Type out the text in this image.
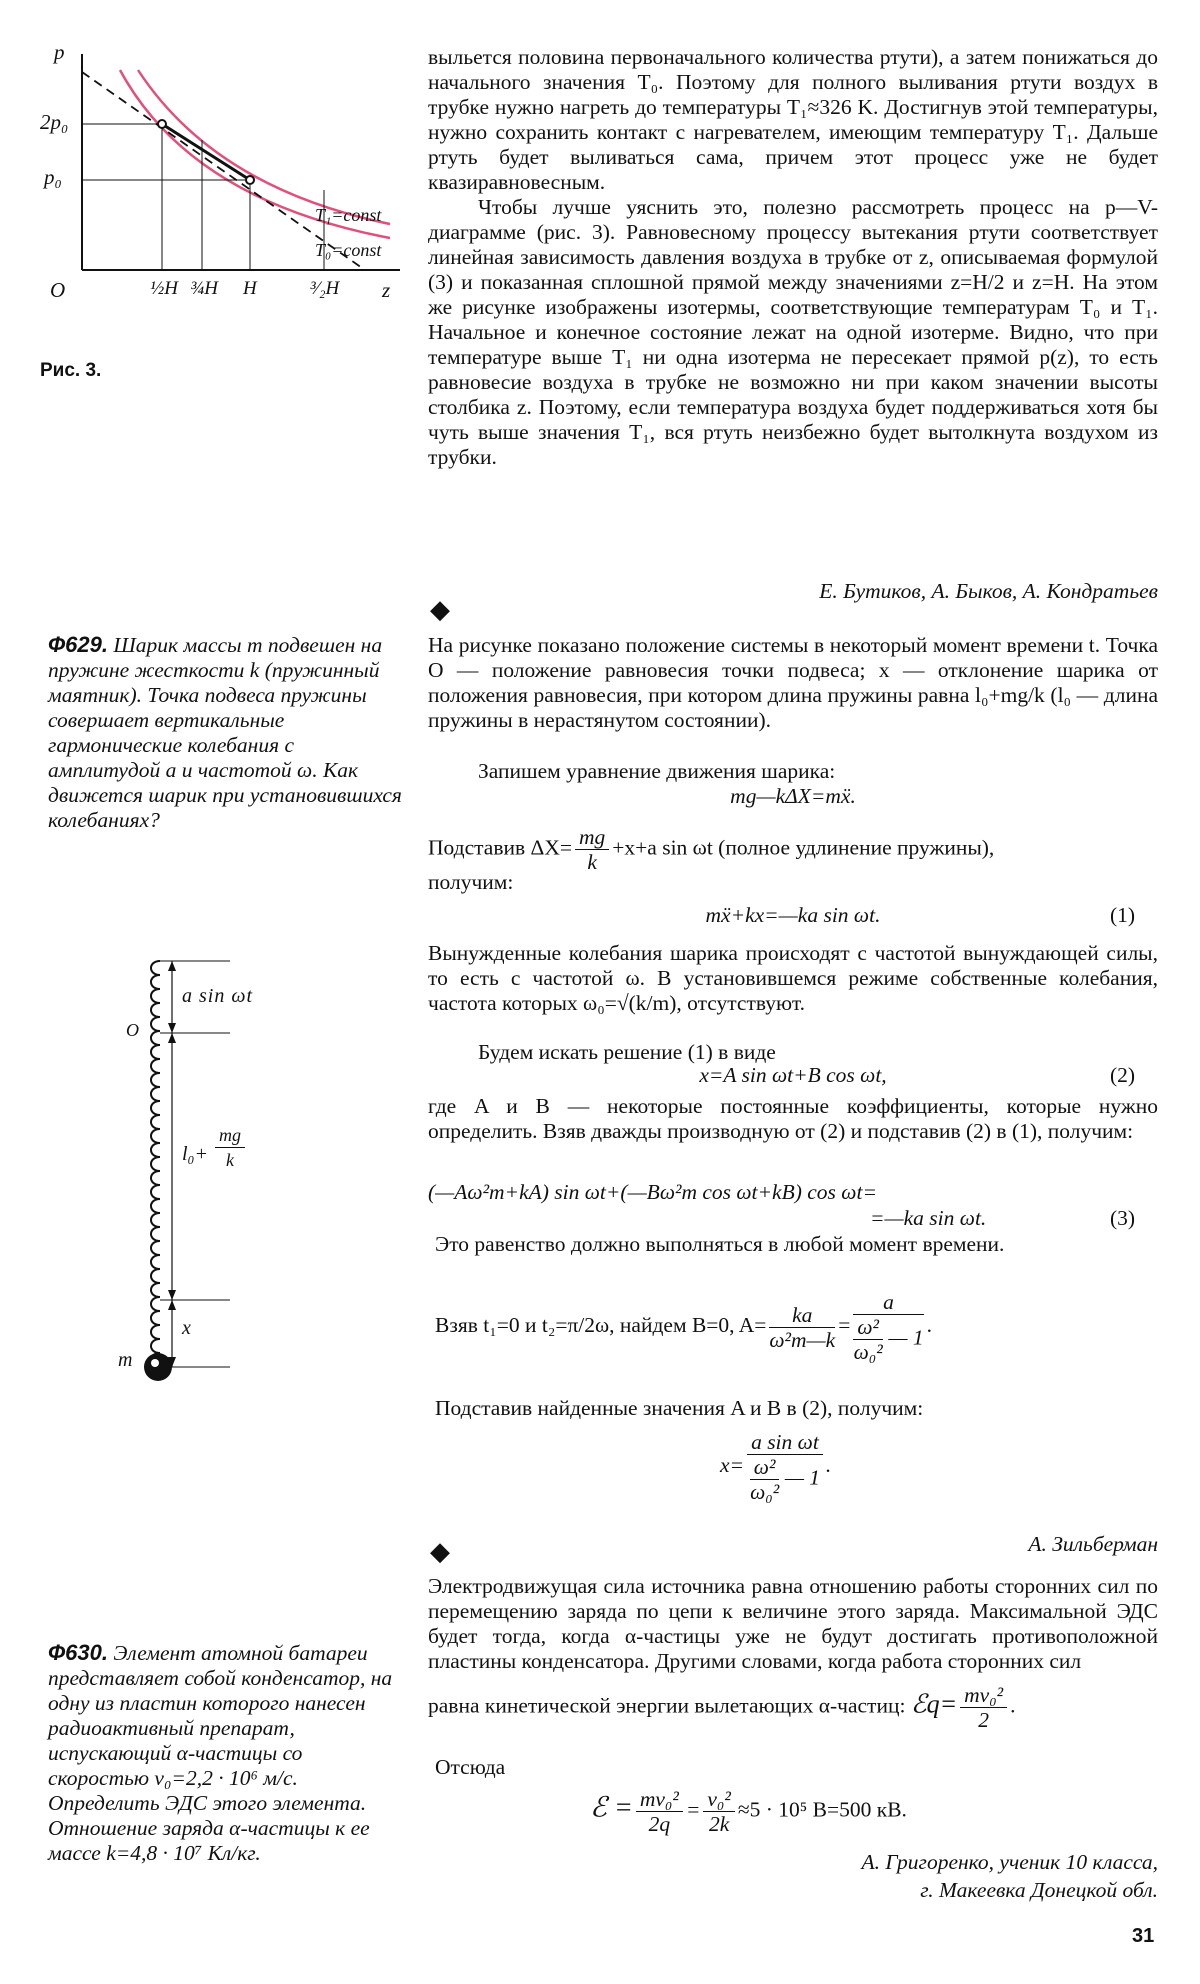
p
2p₀
p₀
O	½H ¾H H	³⁄₂H z
T₁=const
T₀=const
Рис. 3.

выльется половина первоначального количества ртути), а затем понижаться до начального значения T₀. Поэтому для полного выливания ртути воздух в трубке нужно нагреть до температуры T₁≈326 K. Достигнув этой температуры, нужно сохранить контакт с нагревателем, имеющим температуру T₁. Дальше ртуть будет выливаться сама, причем этот процесс уже не будет квазиравновесным.

Чтобы лучше уяснить это, полезно рассмотреть процесс на p—V-диаграмме (рис. 3). Равновесному процессу вытекания ртути соответствует линейная зависимость давления воздуха в трубке от z, описываемая формулой (3) и показанная сплошной прямой между значениями z=H/2 и z=H. На этом же рисунке изображены изотермы, соответствующие температурам T₀ и T₁. Начальное и конечное состояние лежат на одной изотерме. Видно, что при температуре выше T₁ ни одна изотерма не пересекает прямой p(z), то есть равновесие воздуха в трубке не возможно ни при каком значении высоты столбика z. Поэтому, если температура воздуха будет поддерживаться хотя бы чуть выше значения T₁, вся ртуть неизбежно будет вытолкнута воздухом из трубки.

Е. Бутиков, А. Быков, А. Кондратьев
Ф629. Шарик массы m подвешен на пружине жесткости k (пружинный маятник). Точка подвеса пружины совершает вертикальные гармонические колебания с амплитудой a и частотой ω. Как движется шарик при установившихся колебаниях?
a sin ωt
O
$l_0+ \frac{mg}{k}$
x
m
◆
На рисунке показано положение системы в некоторый момент времени t. Точка O — положение равновесия точки подвеса; x — отклонение шарика от положения равновесия, при котором длина пружины равна l₀+mg/k (l₀ — длина пружины в нерастянутом состоянии).
Запишем уравнение движения шарика:
mg—kΔX=mẍ.
Подставив $\Delta X= \frac{mg}{k} +x+a$ sin ωt (полное удлинение пружины),
получим:
mẍ+kx=—ka sin ωt.	(1)
Вынужденные колебания шарика происходят с частотой вынуждающей силы, то есть с частотой ω. В установившемся режиме собственные колебания, частота которых ω₀=√(k/m), отсутствуют.
Будем искать решение (1) в виде
x=A sin ωt+B cos ωt,	(2)
где A и B — некоторые постоянные коэффициенты, которые нужно определить. Взяв дважды производную от (2) и подставив (2) в (1), получим:
(—Aω²m+kA) sin ωt+(—Bω²m cos ωt+kB) cos ωt=
=—ka sin ωt.	(3)
Это равенство должно выполняться в любой момент времени.
Взяв t₁=0 и t₂=π/2ω, найдем B=0, $A= \frac{ka}{\text{ω²m—k}} = \frac{a}{\frac{\text{ω²}}{\text{ω₀²}} — 1}$ .
Подставив найденные значения A и B в (2), получим:
$x= \frac{\text{a sin ωt}}{\frac{\text{ω²}}{\text{ω₀²}} — 1}$ .
А. Зильберман
Ф630. Элемент атомной батареи представляет собой конденсатор, на одну из пластин которого нанесен радиоактивный препарат, испускающий α-частицы со скоростью v₀=2,2 · 10⁶ м/с. Определить ЭДС этого элемента. Отношение заряда α-частицы к ее массе k=4,8 · 10⁷ Кл/кг.
◆
Электродвижущая сила источника равна отношению работы сторонних сил по перемещению заряда по цепи к величине этого заряда. Максимальной ЭДС будет тогда, когда α-частицы уже не будут достигать противоположной пластины конденсатора. Другими словами, когда работа сторонних сил
равна кинетической энергии вылетающих α-частиц: ℰq= $\frac{\text{mv₀²}}{2}$ .
Отсюда
ℰ = $\frac{\text{mv₀²}}{2q} = \frac{\text{v₀²}}{2k} \approx 5 \cdot 10^5$ В=500 кВ.
А. Григоренко, ученик 10 класса,
г. Макеевка Донецкой обл.
31
